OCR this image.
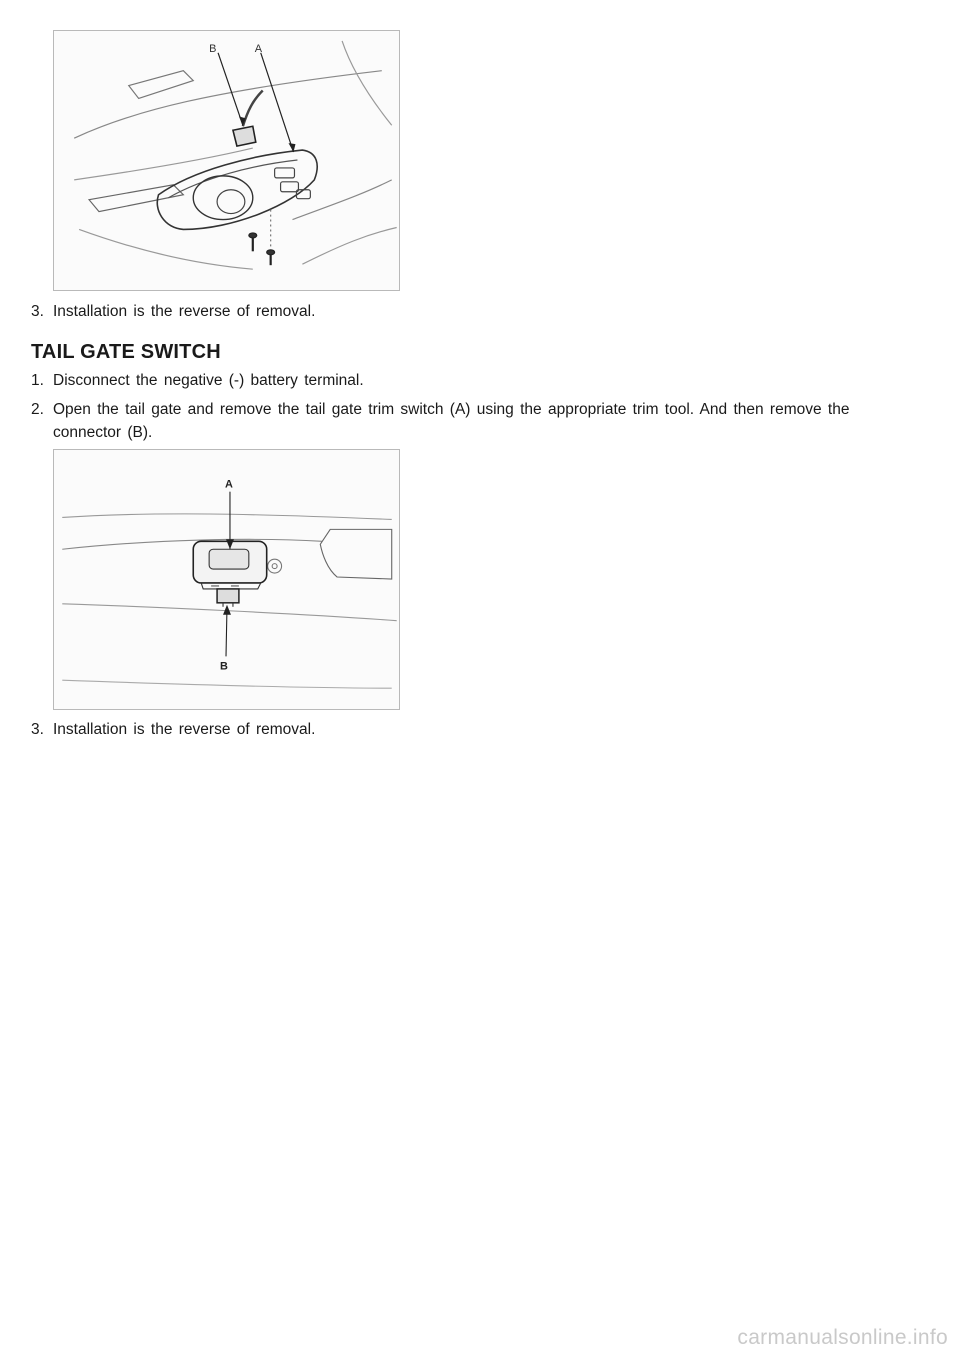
B	A
3. Installation is the reverse of removal.
TAIL GATE SWITCH
1. Disconnect the negative (-) battery terminal.
2. Open the tail gate and remove the tail gate trim switch (A) using the appropriate trim tool. And then remove the
connector (B).
A
B
3. Installation is the reverse of removal.
carmanualsonline.info
